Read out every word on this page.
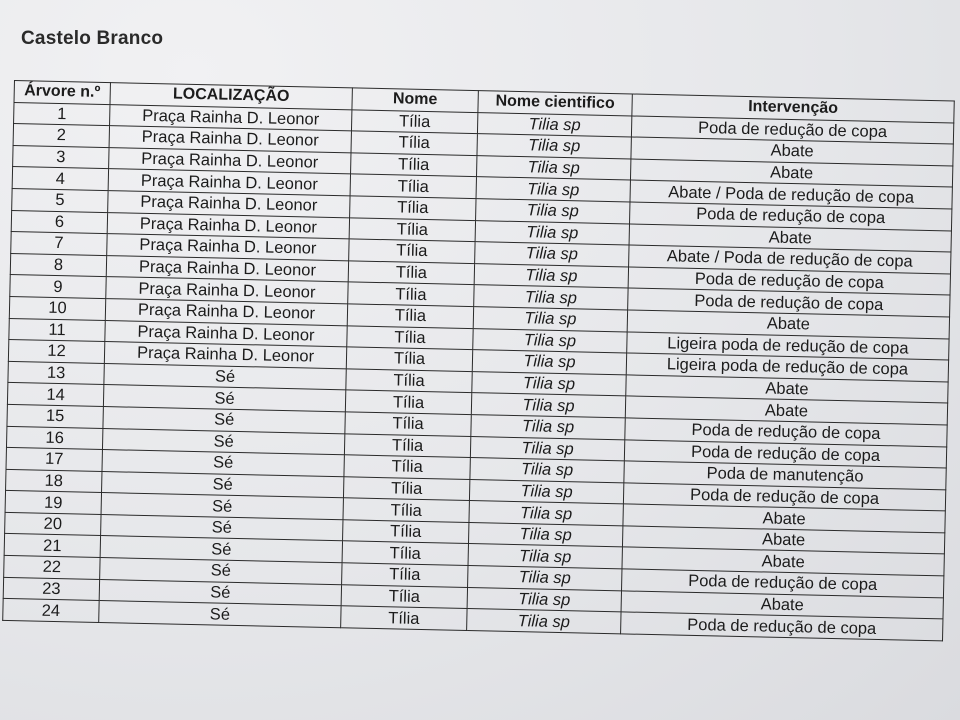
Castelo Branco
Árvore n.º	LOCALIZAÇÃO	Nome	Nome cientifico	Intervenção
1	Praça Rainha D. Leonor	Tília	Tilia sp	Poda de redução de copa
2	Praça Rainha D. Leonor	Tília	Tilia sp	Abate
3	Praça Rainha D. Leonor	Tília	Tilia sp	Abate
4	Praça Rainha D. Leonor	Tília	Tilia sp	Abate / Poda de redução de copa
5	Praça Rainha D. Leonor	Tília	Tilia sp	Poda de redução de copa
6	Praça Rainha D. Leonor	Tília	Tilia sp	Abate
7	Praça Rainha D. Leonor	Tília	Tilia sp	Abate / Poda de redução de copa
8	Praça Rainha D. Leonor	Tília	Tilia sp	Poda de redução de copa
9	Praça Rainha D. Leonor	Tília	Tilia sp	Poda de redução de copa
10	Praça Rainha D. Leonor	Tília	Tilia sp	Abate
11	Praça Rainha D. Leonor	Tília	Tilia sp	Ligeira poda de redução de copa
12	Praça Rainha D. Leonor	Tília	Tilia sp	Ligeira poda de redução de copa
13	Sé	Tília	Tilia sp	Abate
14	Sé	Tília	Tilia sp	Abate
15	Sé	Tília	Tilia sp	Poda de redução de copa
16	Sé	Tília	Tilia sp	Poda de redução de copa
17	Sé	Tília	Tilia sp	Poda de manutenção
18	Sé	Tília	Tilia sp	Poda de redução de copa
19	Sé	Tília	Tilia sp	Abate
20	Sé	Tília	Tilia sp	Abate
21	Sé	Tília	Tilia sp	Abate
22	Sé	Tília	Tilia sp	Poda de redução de copa
23	Sé	Tília	Tilia sp	Abate
24	Sé	Tília	Tilia sp	Poda de redução de copa
